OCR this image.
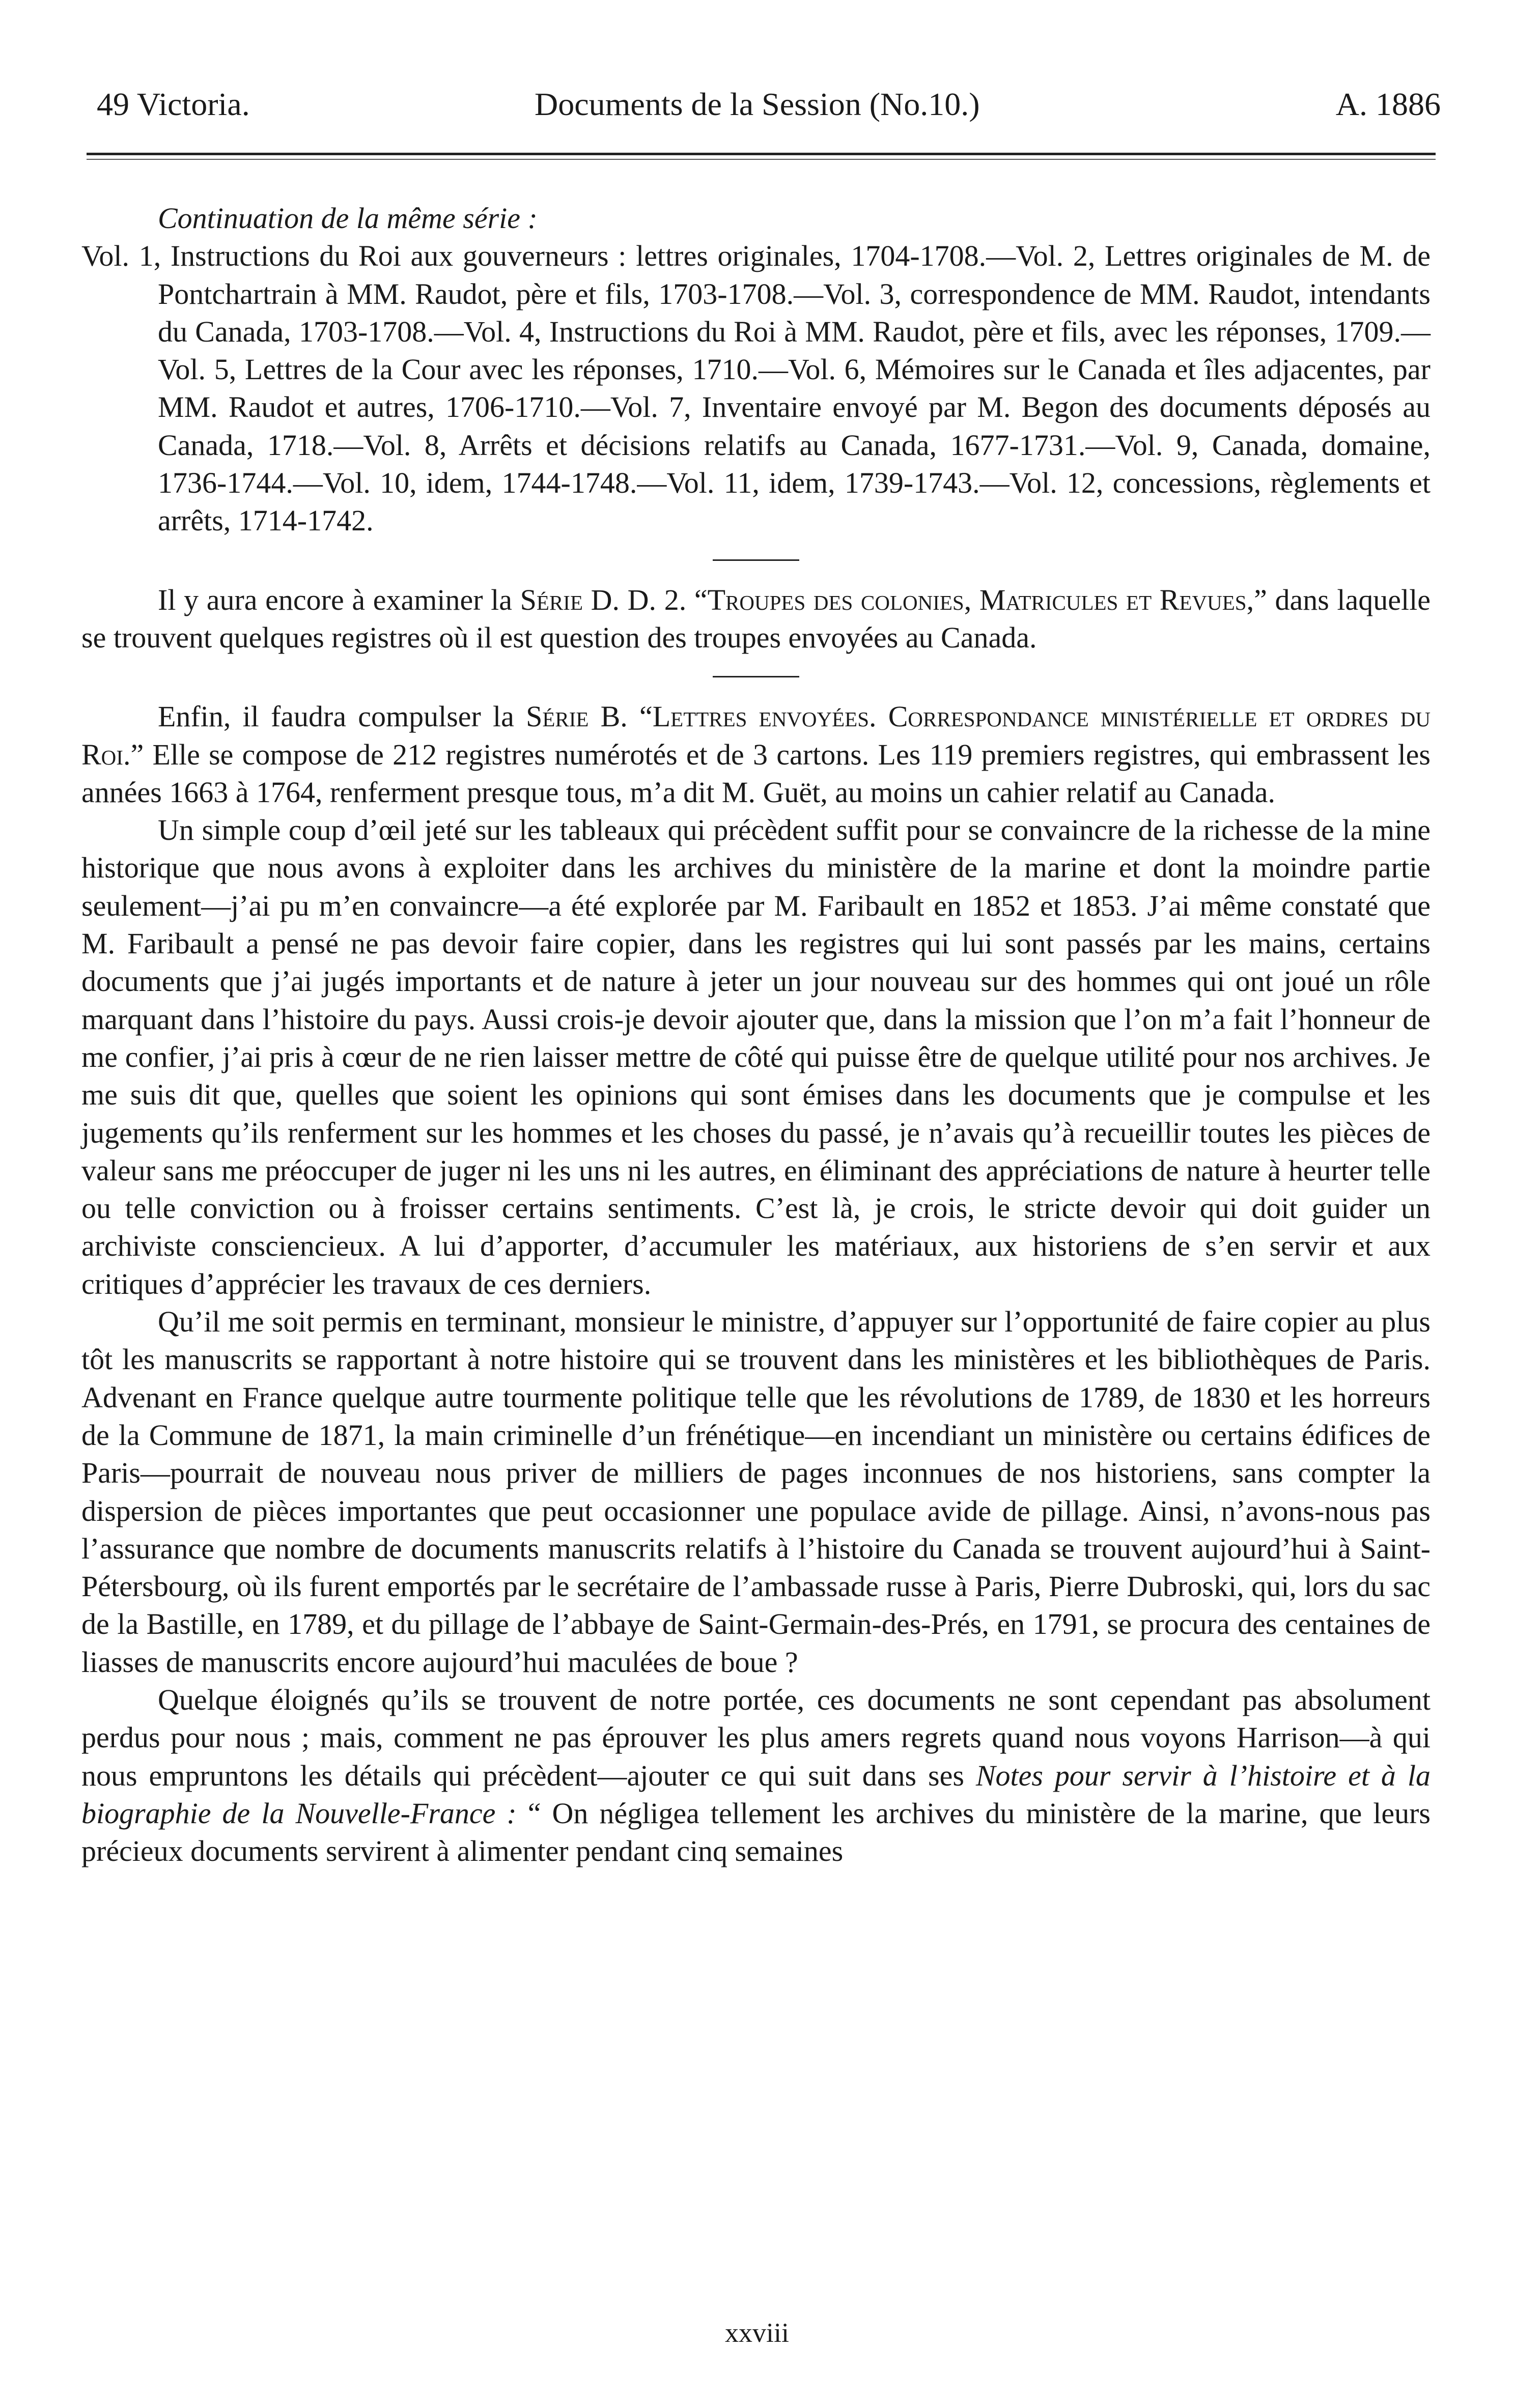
49 Victoria.	Documents de la Session (No.10.)	A. 1886

Continuation de la même série :

Vol. 1, Instructions du Roi aux gouverneurs : lettres originales, 1704-1708.—Vol. 2, Lettres originales de M. de Pontchartrain à MM. Raudot, père et fils, 1703-1708.—Vol. 3, correspondence de MM. Raudot, intendants du Canada, 1703-1708.—Vol. 4, Instructions du Roi à MM. Raudot, père et fils, avec les réponses, 1709.—Vol. 5, Lettres de la Cour avec les réponses, 1710.—Vol. 6, Mémoires sur le Canada et îles adjacentes, par MM. Raudot et autres, 1706-1710.—Vol. 7, Inventaire envoyé par M. Begon des documents déposés au Canada, 1718.—Vol. 8, Arrêts et décisions relatifs au Canada, 1677-1731.—Vol. 9, Canada, domaine, 1736-1744.—Vol. 10, idem, 1744-1748.—Vol. 11, idem, 1739-1743.—Vol. 12, concessions, règlements et arrêts, 1714-1742.

Il y aura encore à examiner la Série D. D. 2. “Troupes des colonies, Matricules et Revues,” dans laquelle se trouvent quelques registres où il est question des troupes envoyées au Canada.

Enfin, il faudra compulser la Série B. “Lettres envoyées. Correspondance ministérielle et ordres du Roi.” Elle se compose de 212 registres numérotés et de 3 cartons. Les 119 premiers registres, qui embrassent les années 1663 à 1764, renferment presque tous, m’a dit M. Guët, au moins un cahier relatif au Canada.

Un simple coup d’œil jeté sur les tableaux qui précèdent suffit pour se convaincre de la richesse de la mine historique que nous avons à exploiter dans les archives du ministère de la marine et dont la moindre partie seulement—j’ai pu m’en convaincre—a été explorée par M. Faribault en 1852 et 1853. J’ai même constaté que M. Faribault a pensé ne pas devoir faire copier, dans les registres qui lui sont passés par les mains, certains documents que j’ai jugés importants et de nature à jeter un jour nouveau sur des hommes qui ont joué un rôle marquant dans l’histoire du pays. Aussi crois-je devoir ajouter que, dans la mission que l’on m’a fait l’honneur de me confier, j’ai pris à cœur de ne rien laisser mettre de côté qui puisse être de quelque utilité pour nos archives. Je me suis dit que, quelles que soient les opinions qui sont émises dans les documents que je compulse et les jugements qu’ils renferment sur les hommes et les choses du passé, je n’avais qu’à recueillir toutes les pièces de valeur sans me préoccuper de juger ni les uns ni les autres, en éliminant des appréciations de nature à heurter telle ou telle conviction ou à froisser certains sentiments. C’est là, je crois, le stricte devoir qui doit guider un archiviste consciencieux. A lui d’apporter, d’accumuler les matériaux, aux historiens de s’en servir et aux critiques d’apprécier les travaux de ces derniers.

Qu’il me soit permis en terminant, monsieur le ministre, d’appuyer sur l’opportunité de faire copier au plus tôt les manuscrits se rapportant à notre histoire qui se trouvent dans les ministères et les bibliothèques de Paris. Advenant en France quelque autre tourmente politique telle que les révolutions de 1789, de 1830 et les horreurs de la Commune de 1871, la main criminelle d’un frénétique—en incendiant un ministère ou certains édifices de Paris—pourrait de nouveau nous priver de milliers de pages inconnues de nos historiens, sans compter la dispersion de pièces importantes que peut occasionner une populace avide de pillage. Ainsi, n’avons-nous pas l’assurance que nombre de documents manuscrits relatifs à l’histoire du Canada se trouvent aujourd’hui à Saint-Pétersbourg, où ils furent emportés par le secrétaire de l’ambassade russe à Paris, Pierre Dubroski, qui, lors du sac de la Bastille, en 1789, et du pillage de l’abbaye de Saint-Germain-des-Prés, en 1791, se procura des centaines de liasses de manuscrits encore aujourd’hui maculées de boue ?

Quelque éloignés qu’ils se trouvent de notre portée, ces documents ne sont cependant pas absolument perdus pour nous ; mais, comment ne pas éprouver les plus amers regrets quand nous voyons Harrison—à qui nous empruntons les détails qui précèdent—ajouter ce qui suit dans ses Notes pour servir à l’histoire et à la biographie de la Nouvelle-France : “ On négligea tellement les archives du ministère de la marine, que leurs précieux documents servirent à alimenter pendant cinq semaines

xxviii
